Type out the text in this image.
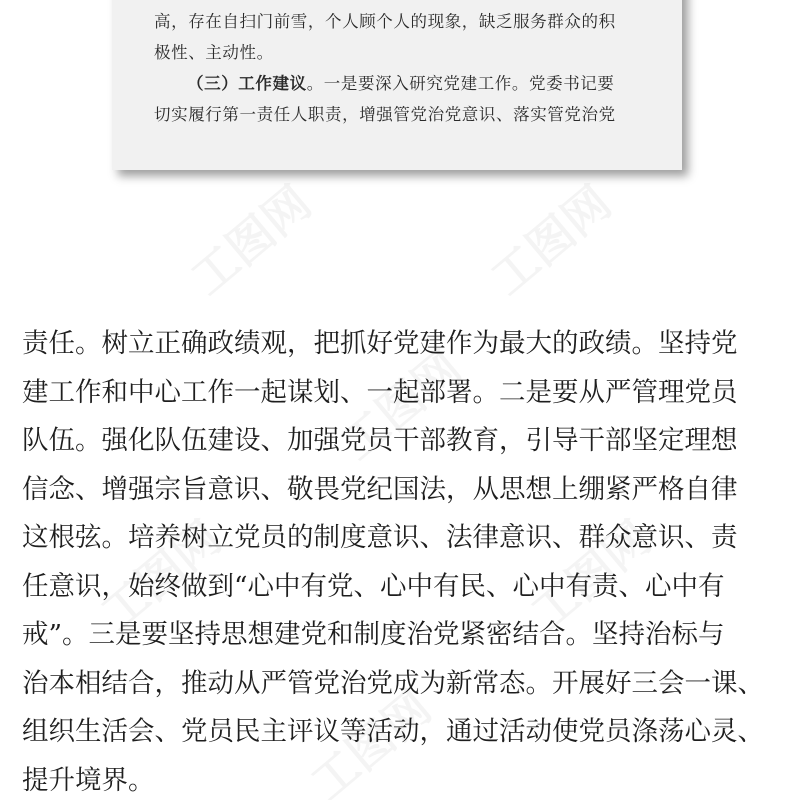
高，存在自扫门前雪，个人顾个人的现象，缺乏服务群众的积
极性、主动性。
（三）工作建议。一是要深入研究党建工作。党委书记要
切实履行第一责任人职责，增强管党治党意识、落实管党治党
责任。树立正确政绩观，把抓好党建作为最大的政绩。坚持党
建工作和中心工作一起谋划、一起部署。二是要从严管理党员
队伍。强化队伍建设、加强党员干部教育，引导干部坚定理想
信念、增强宗旨意识、敬畏党纪国法，从思想上绷紧严格自律
这根弦。培养树立党员的制度意识、法律意识、群众意识、责
任意识，始终做到“心中有党、心中有民、心中有责、心中有
戒”。三是要坚持思想建党和制度治党紧密结合。坚持治标与
治本相结合，推动从严管党治党成为新常态。开展好三会一课、
组织生活会、党员民主评议等活动，通过活动使党员涤荡心灵、
提升境界。
